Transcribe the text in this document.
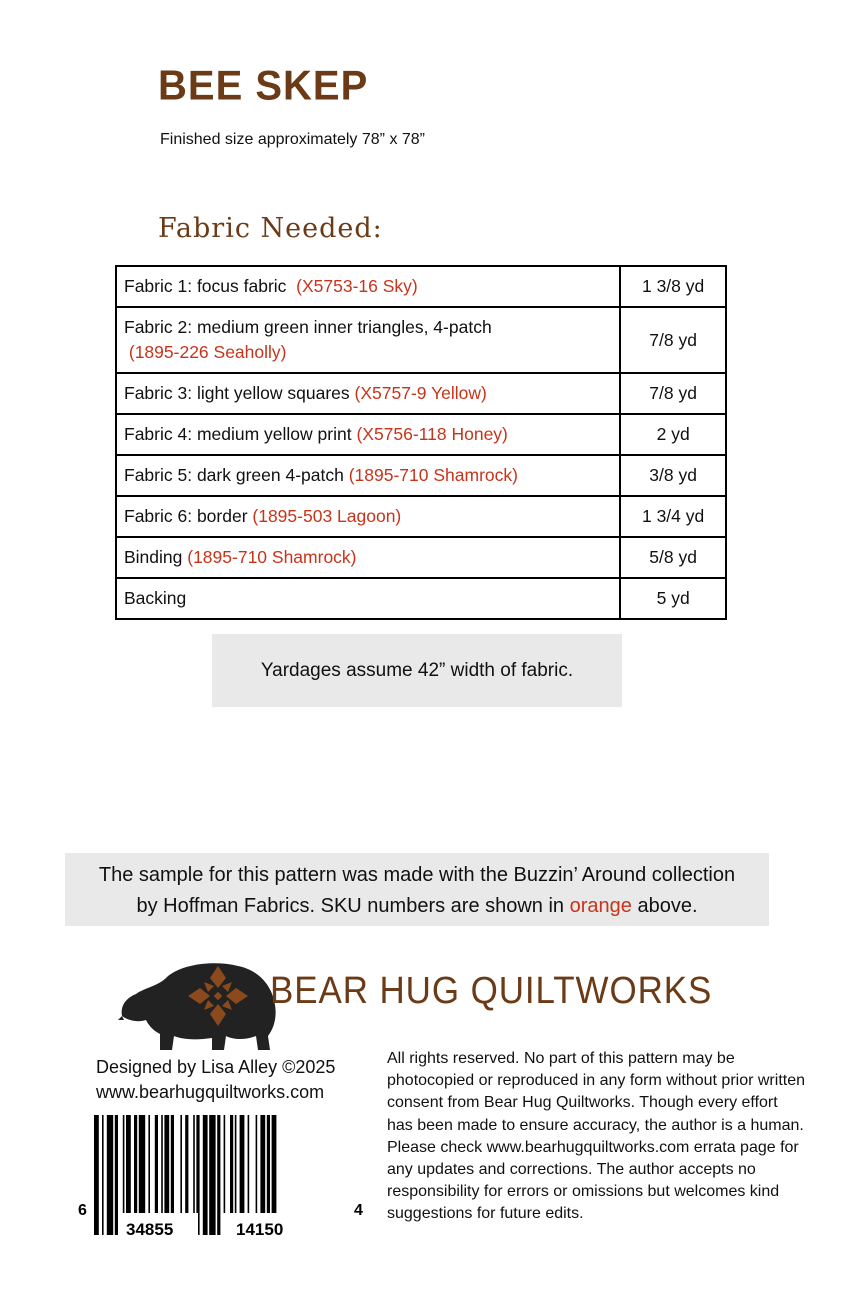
BEE SKEP
Finished size approximately 78” x 78”
Fabric Needed:
Fabric 1: focus fabric  (X5753-16 Sky)	1 3/8 yd
Fabric 2: medium green inner triangles, 4-patch
(1895-226 Seaholly)	7/8 yd
Fabric 3: light yellow squares (X5757-9 Yellow)	7/8 yd
Fabric 4: medium yellow print (X5756-118 Honey)	2 yd
Fabric 5: dark green 4-patch (1895-710 Shamrock)	3/8 yd
Fabric 6: border (1895-503 Lagoon)	1 3/4 yd
Binding (1895-710 Shamrock)	5/8 yd
Backing	5 yd
Yardages assume 42” width of fabric.
The sample for this pattern was made with the Buzzin’ Around collection
by Hoffman Fabrics. SKU numbers are shown in orange above.
BEAR HUG QUILTWORKS
Designed by Lisa Alley ©2025
www.bearhugquiltworks.com
6
34855	14150
4
All rights reserved. No part of this pattern may be photocopied or reproduced in any form without prior written consent from Bear Hug Quiltworks. Though every effort has been made to ensure accuracy, the author is a human. Please check www.bearhugquiltworks.com errata page for any updates and corrections. The author accepts no responsibility for errors or omissions but welcomes kind suggestions for future edits.
